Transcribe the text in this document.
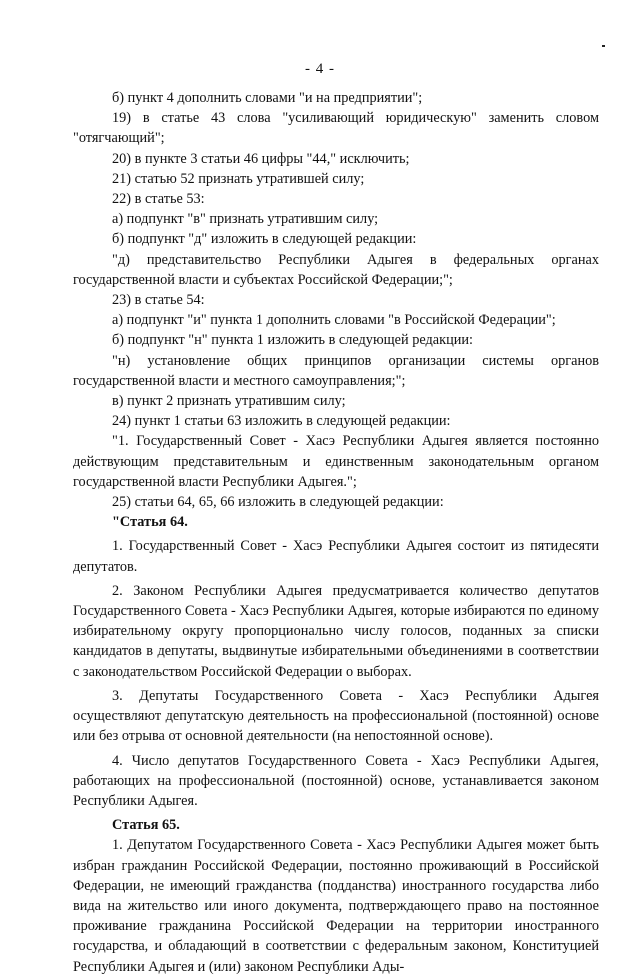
- 4 -

б) пункт 4 дополнить словами "и на предприятии";

19) в статье 43 слова "усиливающий юридическую" заменить словом "отягчающий";

20) в пункте 3 статьи 46 цифры "44," исключить;

21) статью 52 признать утратившей силу;

22) в статье 53:

а) подпункт "в" признать утратившим силу;

б) подпункт "д" изложить в следующей редакции:

"д) представительство Республики Адыгея в федеральных органах государственной власти и субъектах Российской Федерации;";

23) в статье 54:

а) подпункт "и" пункта 1 дополнить словами "в Российской Федерации";

б) подпункт "н" пункта 1 изложить в следующей редакции:

"н) установление общих принципов организации системы органов государственной власти и местного самоуправления;";

в) пункт 2 признать утратившим силу;

24) пункт 1 статьи 63 изложить в следующей редакции:

"1. Государственный Совет - Хасэ Республики Адыгея является постоянно действующим представительным и единственным законодательным органом государственной власти Республики Адыгея.";

25) статьи 64, 65, 66 изложить в следующей редакции:

"Статья 64.

1. Государственный Совет - Хасэ Республики Адыгея состоит из пятидесяти депутатов.

2. Законом Республики Адыгея предусматривается количество депутатов Государственного Совета - Хасэ Республики Адыгея, которые избираются по единому избирательному округу пропорционально числу голосов, поданных за списки кандидатов в депутаты, выдвинутые избирательными объединениями в соответствии с законодательством Российской Федерации о выборах.

3. Депутаты Государственного Совета - Хасэ Республики Адыгея осуществляют депутатскую деятельность на профессиональной (постоянной) основе или без отрыва от основной деятельности (на непостоянной основе).

4. Число депутатов Государственного Совета - Хасэ Республики Адыгея, работающих на профессиональной (постоянной) основе, устанавливается законом Республики Адыгея.

Статья 65.

1. Депутатом Государственного Совета - Хасэ Республики Адыгея может быть избран гражданин Российской Федерации, постоянно проживающий в Российской Федерации, не имеющий гражданства (подданства) иностранного государства либо вида на жительство или иного документа, подтверждающего право на постоянное проживание гражданина Российской Федерации на территории иностранного государства, и обладающий в соответствии с федеральным законом, Конституцией Республики Адыгея и (или) законом Республики Ады-
